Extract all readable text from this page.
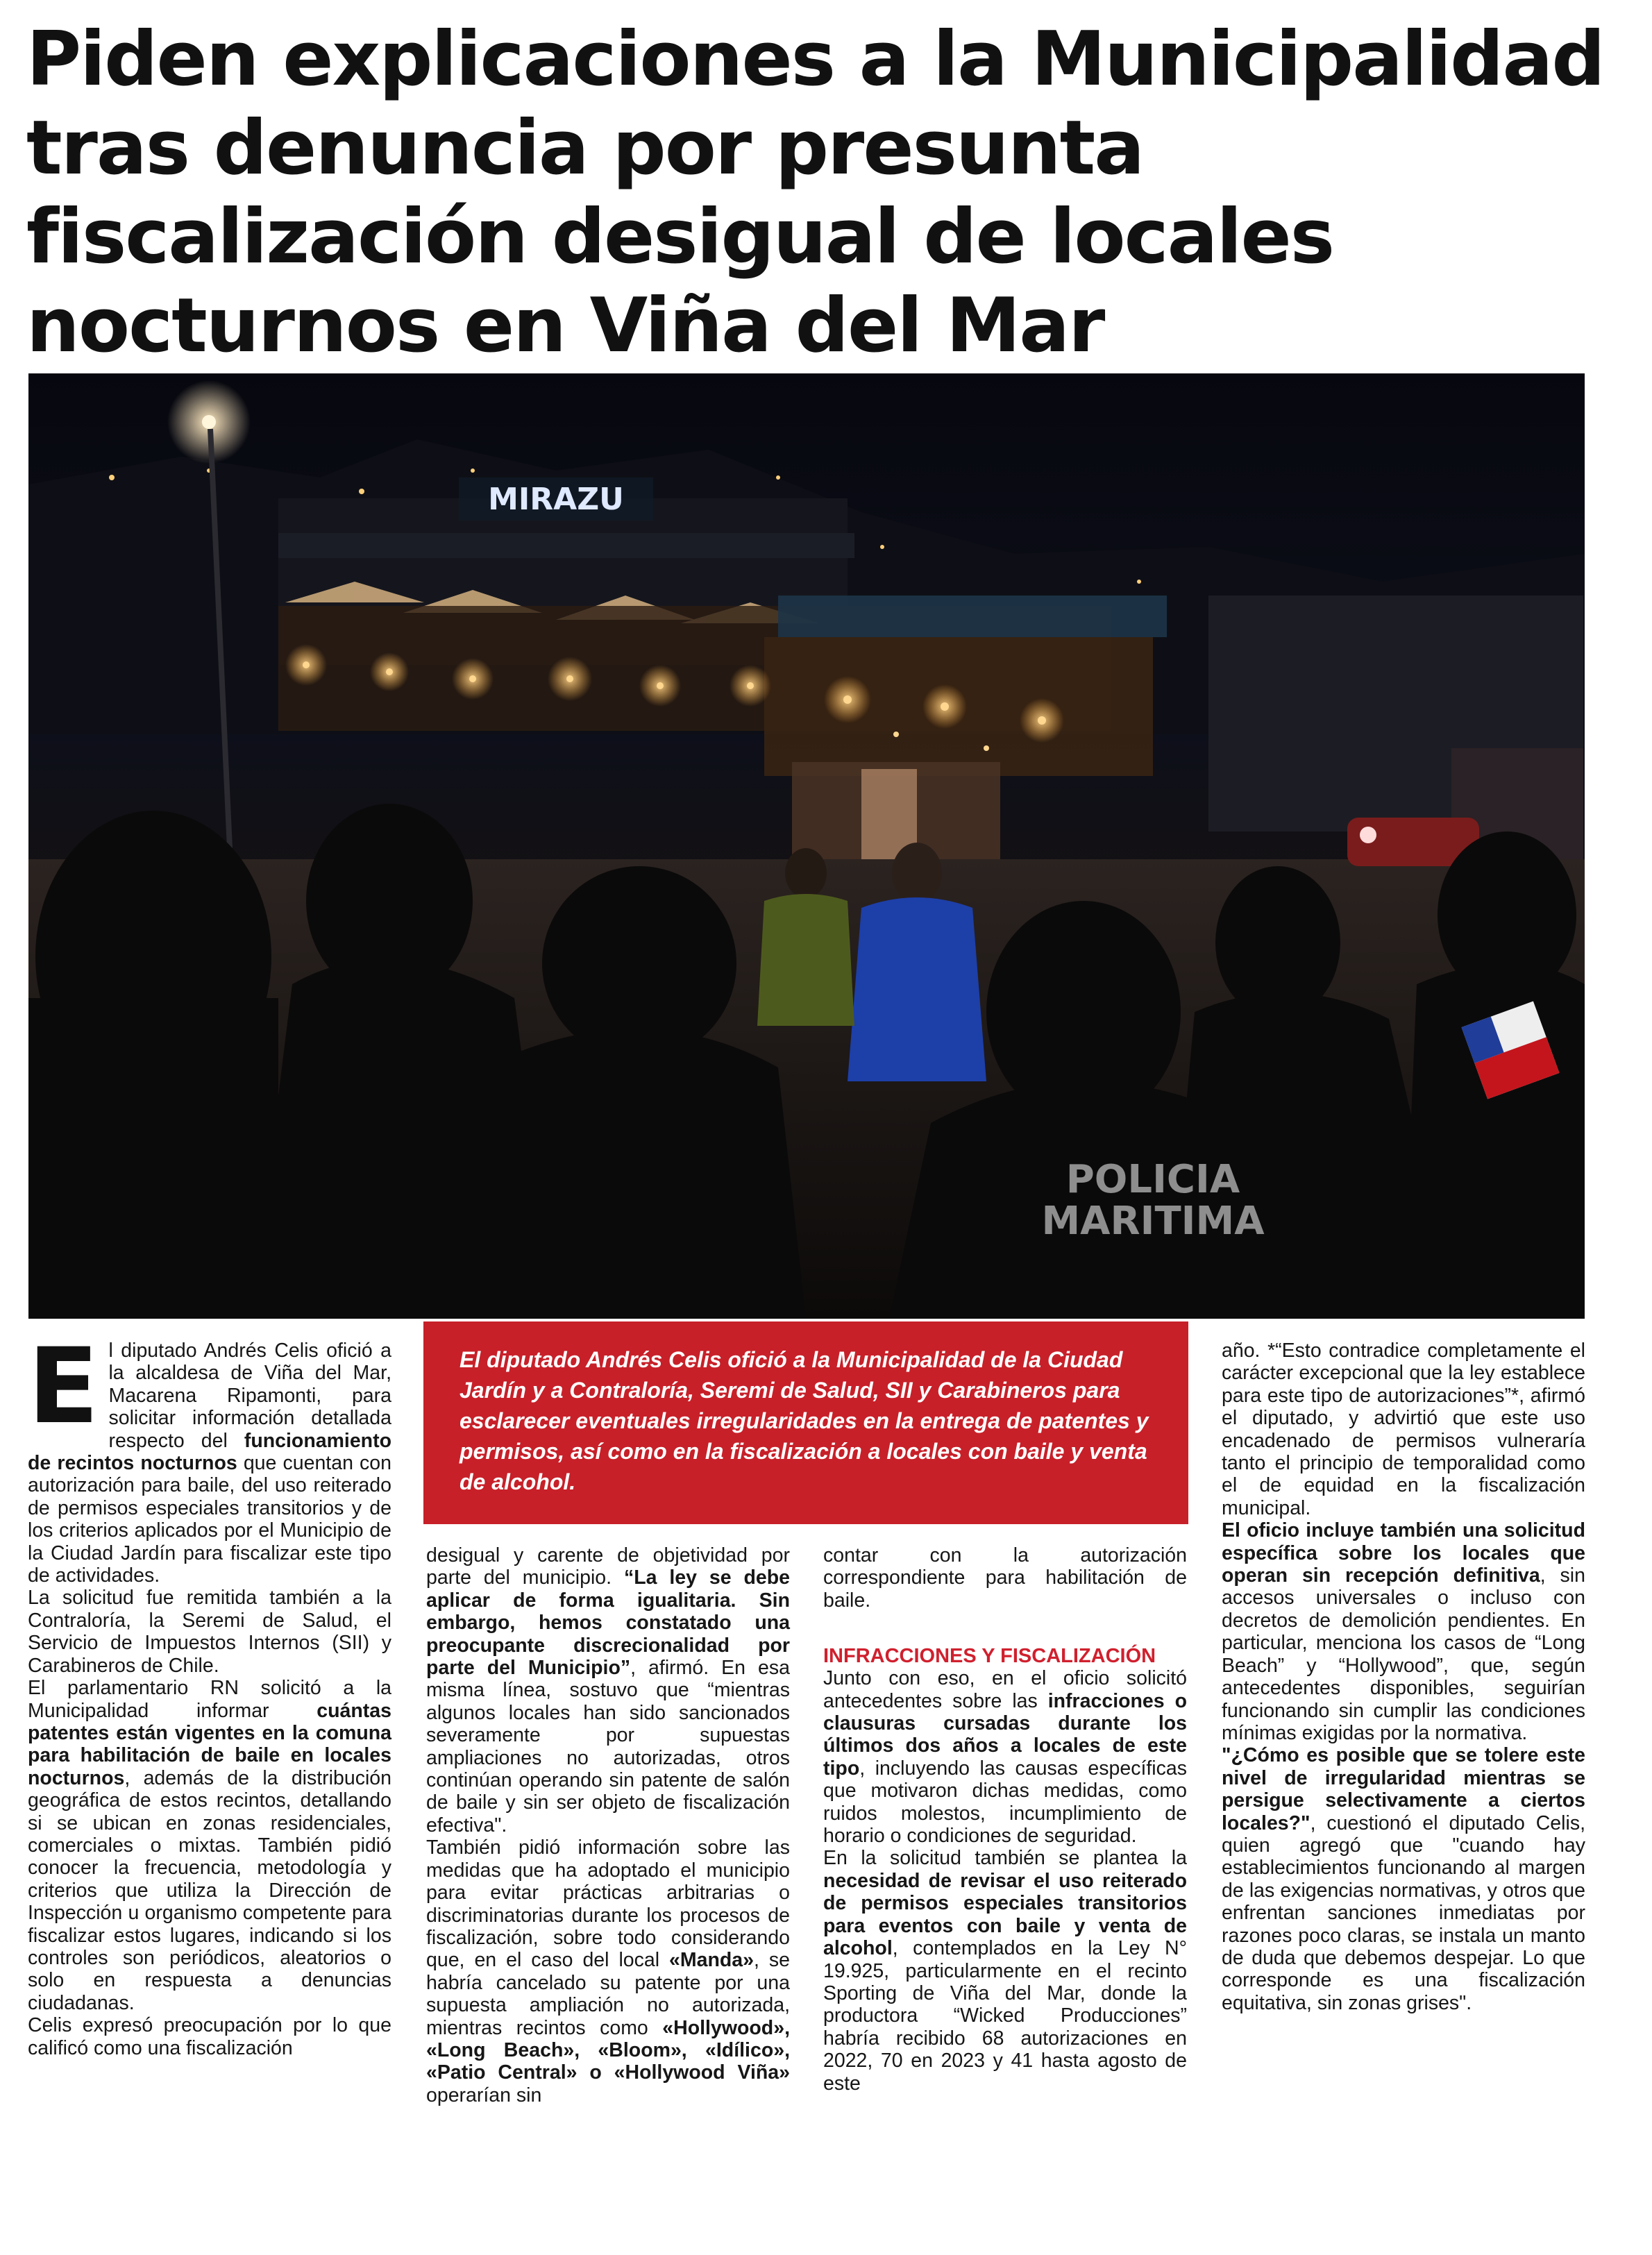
Piden explicaciones a la Municipalidad
tras denuncia por presunta
fiscalización desigual de locales
nocturnos en Viña del Mar
MIRAZU
POLICIA
MARITIMA

El diputado Andrés Celis ofició a la Municipalidad de la Ciudad Jardín y a Contraloría, Seremi de Salud, SII y Carabineros para esclarecer eventuales irregularidades en la entrega de patentes y permisos, así como en la fiscalización a locales con baile y venta de alcohol.

El diputado Andrés Celis ofició a la alcaldesa de Viña del Mar, Macarena Ripamonti, para solicitar información detallada respecto del funcionamiento de recintos nocturnos que cuentan con autorización para baile, del uso reiterado de permisos especiales transitorios y de los criterios aplicados por el Municipio de la Ciudad Jardín para fiscalizar este tipo de actividades.

La solicitud fue remitida también a la Contraloría, la Seremi de Salud, el Servicio de Impuestos Internos (SII) y Carabineros de Chile.

El parlamentario RN solicitó a la Municipalidad informar cuántas patentes están vigentes en la comuna para habilitación de baile en locales nocturnos, además de la distribución geográfica de estos recintos, detallando si se ubican en zonas residenciales, comerciales o mixtas. También pidió conocer la frecuencia, metodología y criterios que utiliza la Dirección de Inspección u organismo competente para fiscalizar estos lugares, indicando si los controles son periódicos, aleatorios o solo en respuesta a denuncias ciudadanas.

Celis expresó preocupación por lo que calificó como una fiscalización

desigual y carente de objetividad por parte del municipio. “La ley se debe aplicar de forma igualitaria. Sin embargo, hemos constatado una preocupante discrecionalidad por parte del Municipio”, afirmó. En esa misma línea, sostuvo que “mientras algunos locales han sido sancionados severamente por supuestas ampliaciones no autorizadas, otros continúan operando sin patente de salón de baile y sin ser objeto de fiscalización efectiva".

También pidió información sobre las medidas que ha adoptado el municipio para evitar prácticas arbitrarias o discriminatorias durante los procesos de fiscalización, sobre todo considerando que, en el caso del local «Manda», se habría cancelado su patente por una supuesta ampliación no autorizada, mientras recintos como «Hollywood», «Long Beach», «Bloom», «Idílico», «Patio Central» o «Hollywood Viña» operarían sin

contar con la autorización correspondiente para habilitación de baile.

INFRACCIONES Y FISCALIZACIÓN

Junto con eso, en el oficio solicitó antecedentes sobre las infracciones o clausuras cursadas durante los últimos dos años a locales de este tipo, incluyendo las causas específicas que motivaron dichas medidas, como ruidos molestos, incumplimiento de horario o condiciones de seguridad.

En la solicitud también se plantea la necesidad de revisar el uso reiterado de permisos especiales transitorios para eventos con baile y venta de alcohol, contemplados en la Ley N° 19.925, particularmente en el recinto Sporting de Viña del Mar, donde la productora “Wicked Producciones” habría recibido 68 autorizaciones en 2022, 70 en 2023 y 41 hasta agosto de este

año. *“Esto contradice completamente el carácter excepcional que la ley establece para este tipo de autorizaciones”*, afirmó el diputado, y advirtió que este uso encadenado de permisos vulneraría tanto el principio de temporalidad como el de equidad en la fiscalización municipal.

El oficio incluye también una solicitud específica sobre los locales que operan sin recepción definitiva, sin accesos universales o incluso con decretos de demolición pendientes. En particular, menciona los casos de “Long Beach” y “Hollywood”, que, según antecedentes disponibles, seguirían funcionando sin cumplir las condiciones mínimas exigidas por la normativa.

"¿Cómo es posible que se tolere este nivel de irregularidad mientras se persigue selectivamente a ciertos locales?", cuestionó el diputado Celis, quien agregó que "cuando hay establecimientos funcionando al margen de las exigencias normativas, y otros que enfrentan sanciones inmediatas por razones poco claras, se instala un manto de duda que debemos despejar. Lo que corresponde es una fiscalización equitativa, sin zonas grises".
